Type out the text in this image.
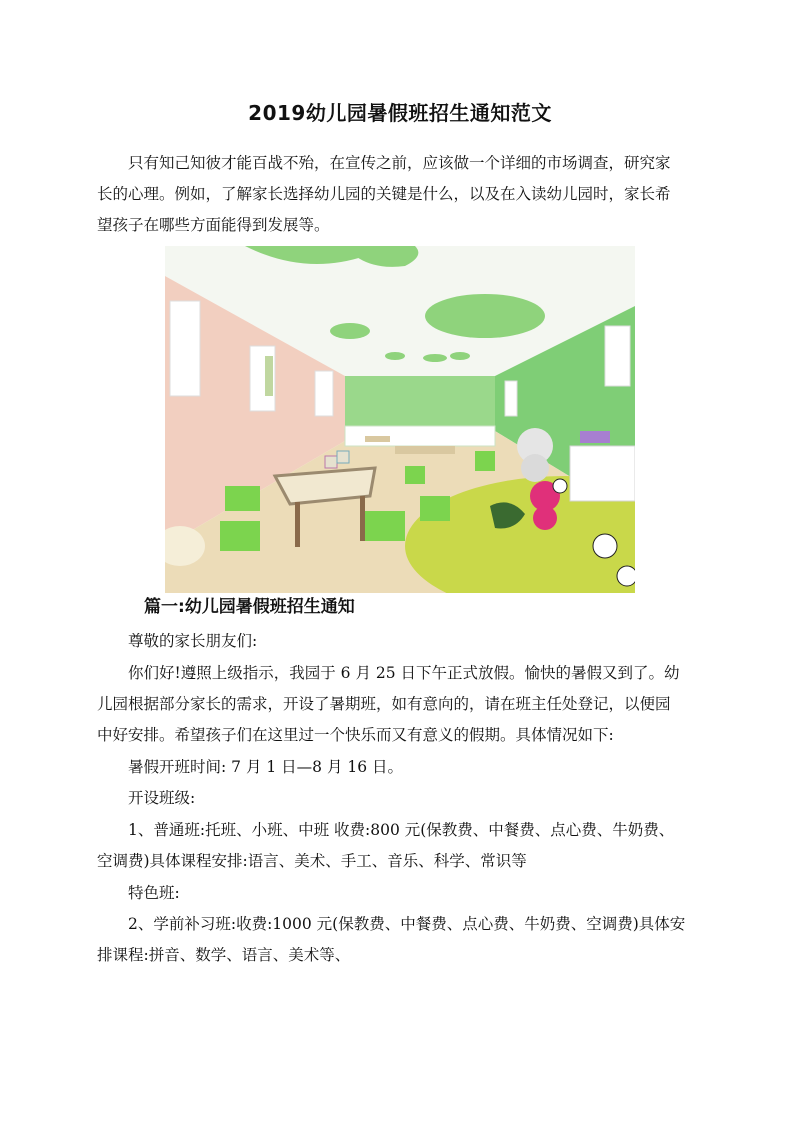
2019幼儿园暑假班招生通知范文

只有知己知彼才能百战不殆，在宣传之前，应该做一个详细的市场调查，研究家

长的心理。例如，了解家长选择幼儿园的关键是什么，以及在入读幼儿园时，家长希

望孩子在哪些方面能得到发展等。

篇一:幼儿园暑假班招生通知

尊敬的家长朋友们:

你们好!遵照上级指示，我园于 6 月 25 日下午正式放假。愉快的暑假又到了。幼

儿园根据部分家长的需求，开设了暑期班，如有意向的，请在班主任处登记，以便园

中好安排。希望孩子们在这里过一个快乐而又有意义的假期。具体情况如下:

暑假开班时间: 7 月 1 日—8 月 16 日。

开设班级:

1、普通班:托班、小班、中班 收费:800 元(保教费、中餐费、点心费、牛奶费、

空调费)具体课程安排:语言、美术、手工、音乐、科学、常识等

特色班:

2、学前补习班:收费:1000 元(保教费、中餐费、点心费、牛奶费、空调费)具体安

排课程:拼音、数学、语言、美术等、
